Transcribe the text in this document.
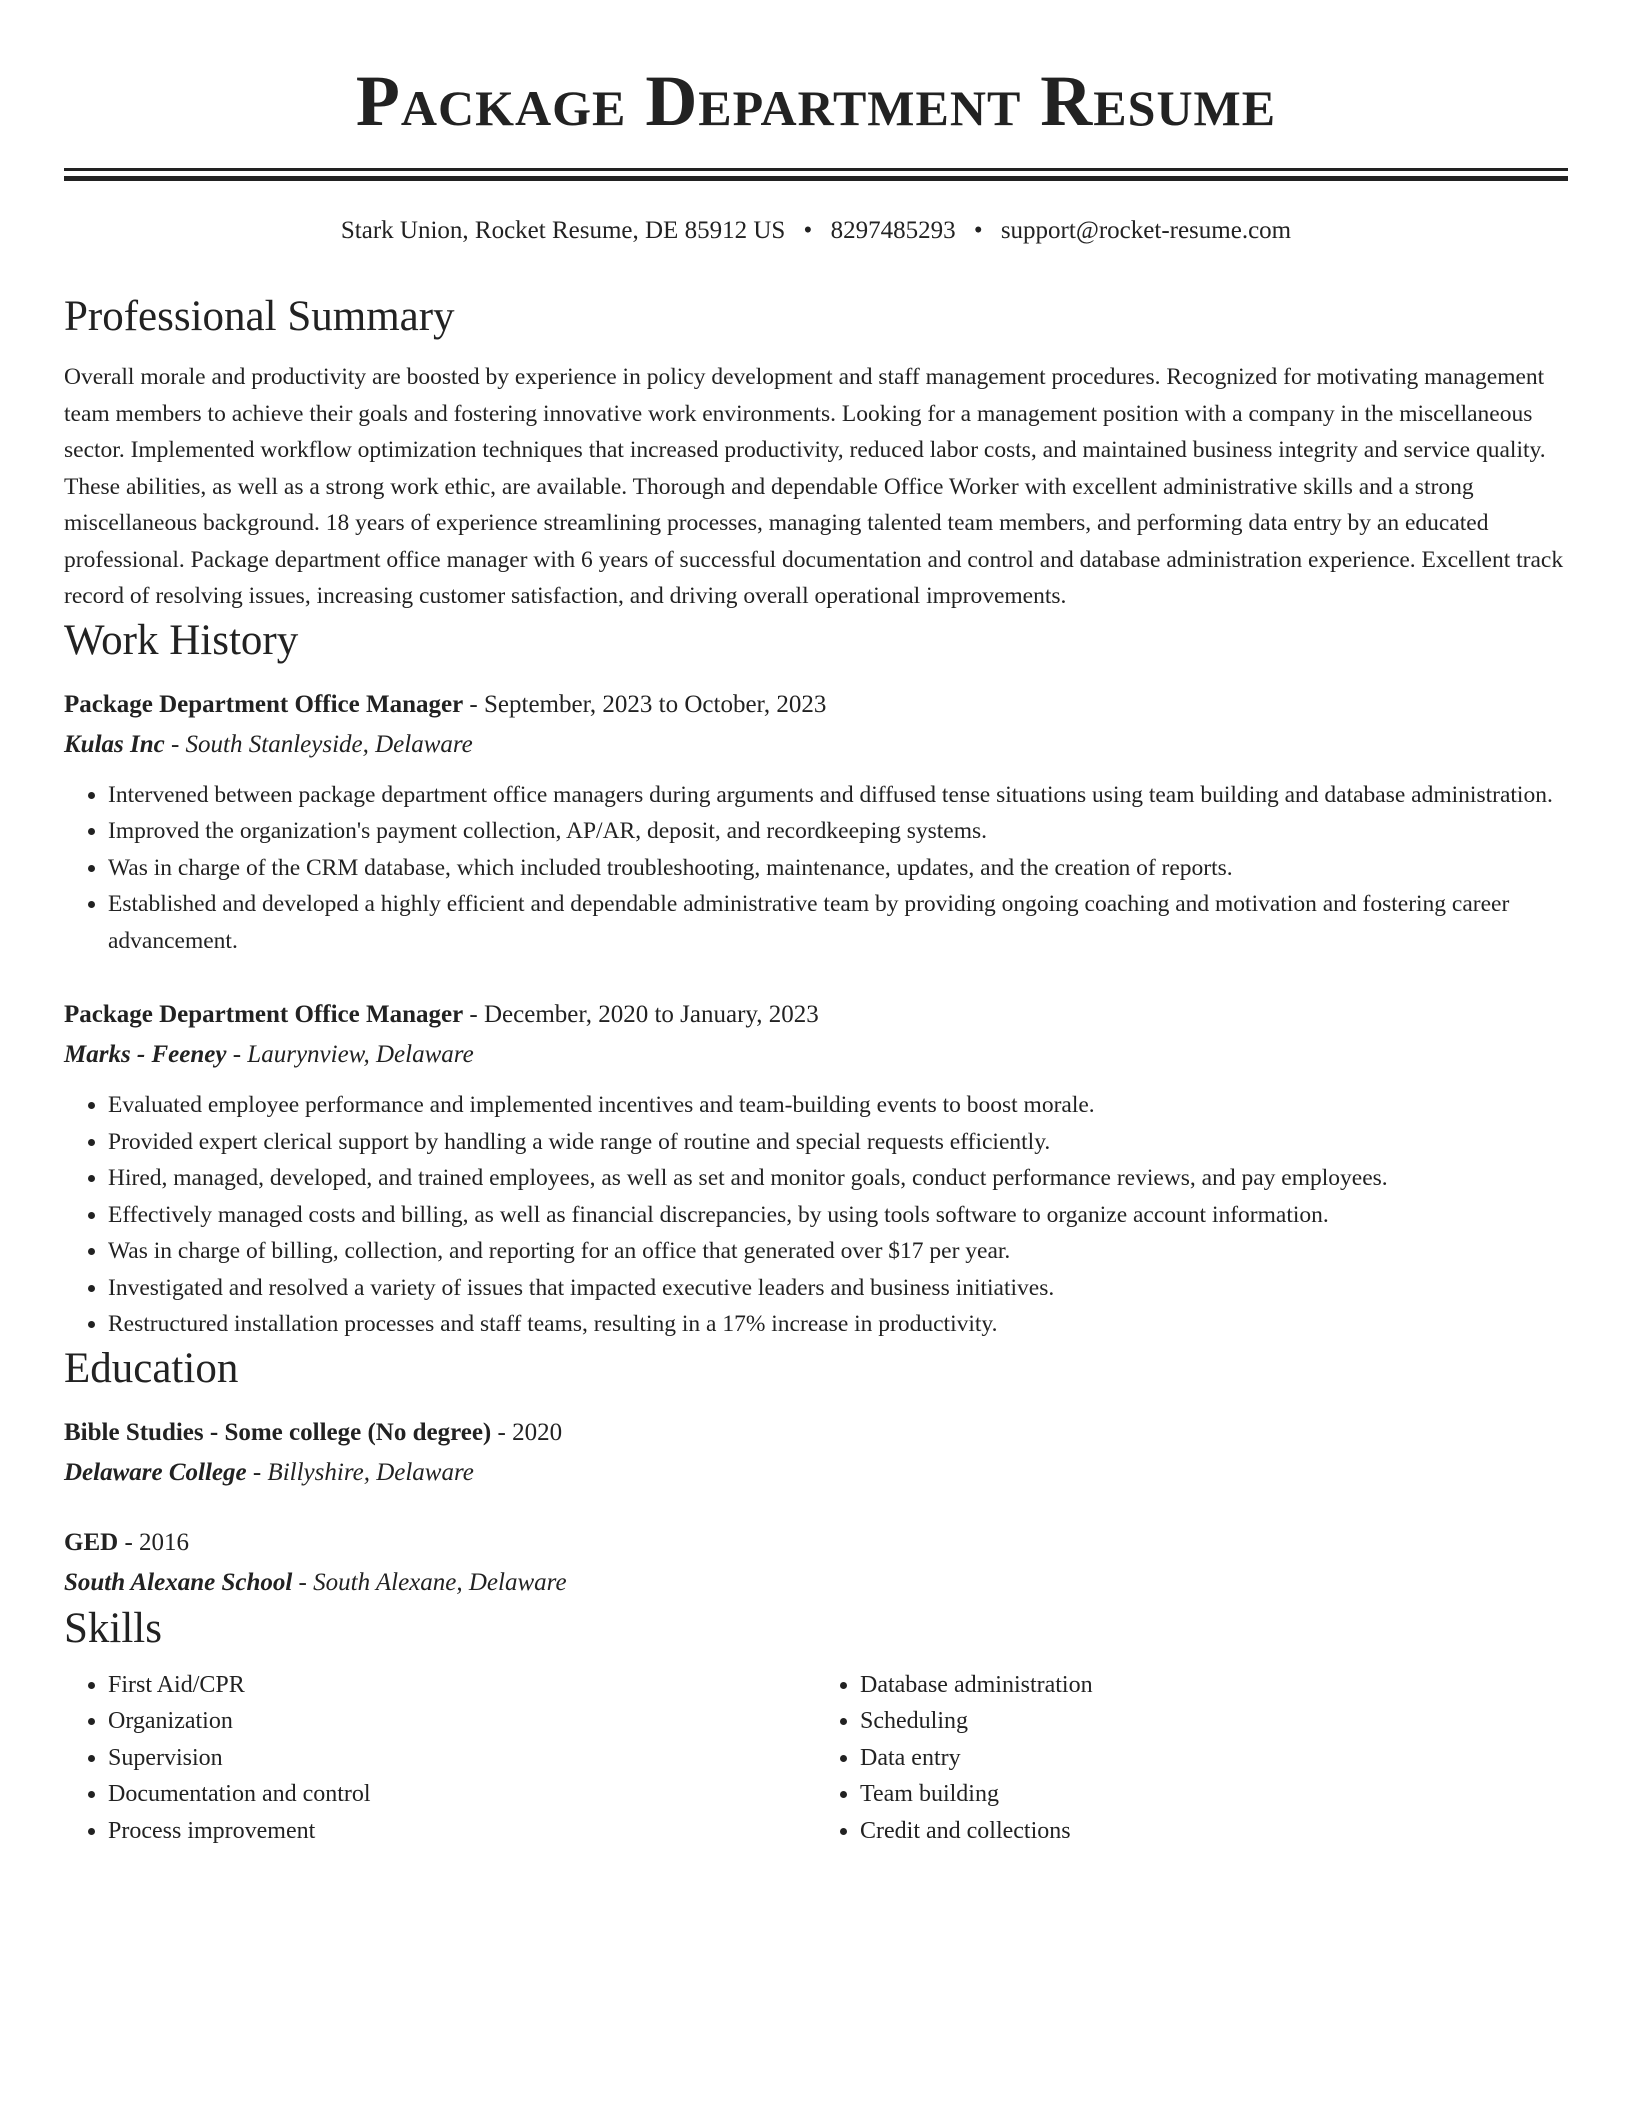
Package Department Resume
Stark Union, Rocket Resume, DE 85912 US • 8297485293 • support@rocket-resume.com
Professional Summary

Overall morale and productivity are boosted by experience in policy development and staff management procedures. Recognized for motivating management team members to achieve their goals and fostering innovative work environments. Looking for a management position with a company in the miscellaneous sector. Implemented workflow optimization techniques that increased productivity, reduced labor costs, and maintained business integrity and service quality. These abilities, as well as a strong work ethic, are available. Thorough and dependable Office Worker with excellent administrative skills and a strong miscellaneous background. 18 years of experience streamlining processes, managing talented team members, and performing data entry by an educated professional. Package department office manager with 6 years of successful documentation and control and database administration experience. Excellent track record of resolving issues, increasing customer satisfaction, and driving overall operational improvements.

Work History
Package Department Office Manager - September, 2023 to October, 2023
Kulas Inc - South Stanleyside, Delaware
• Intervened between package department office managers during arguments and diffused tense situations using team building and database administration.
• Improved the organization's payment collection, AP/AR, deposit, and recordkeeping systems.
• Was in charge of the CRM database, which included troubleshooting, maintenance, updates, and the creation of reports.
• Established and developed a highly efficient and dependable administrative team by providing ongoing coaching and motivation and fostering career advancement.
Package Department Office Manager - December, 2020 to January, 2023
Marks - Feeney - Laurynview, Delaware
• Evaluated employee performance and implemented incentives and team-building events to boost morale.
• Provided expert clerical support by handling a wide range of routine and special requests efficiently.
• Hired, managed, developed, and trained employees, as well as set and monitor goals, conduct performance reviews, and pay employees.
• Effectively managed costs and billing, as well as financial discrepancies, by using tools software to organize account information.
• Was in charge of billing, collection, and reporting for an office that generated over $17 per year.
• Investigated and resolved a variety of issues that impacted executive leaders and business initiatives.
• Restructured installation processes and staff teams, resulting in a 17% increase in productivity.
Education
Bible Studies - Some college (No degree) - 2020
Delaware College - Billyshire, Delaware
GED - 2016
South Alexane School - South Alexane, Delaware
Skills
• First Aid/CPR
• Organization
• Supervision
• Documentation and control
• Process improvement
• Database administration
• Scheduling
• Data entry
• Team building
• Credit and collections
